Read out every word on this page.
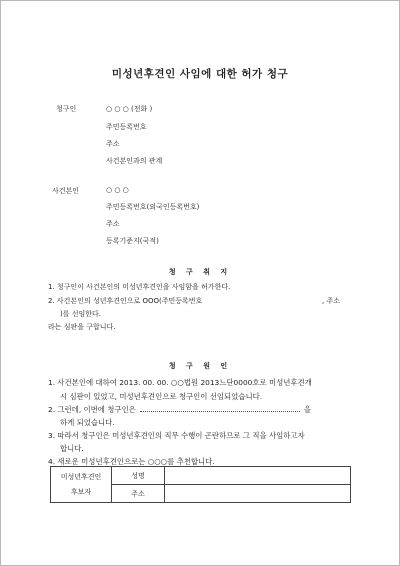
미성년후견인 사임에 대한 허가 청구
청구인	○ ○ ○ (전화 )
주민등록번호
주소
사건본인과의 관계
사건본인	○ ○ ○
주민등록번호(외국인등록번호)
주소
등록기준지(국적)
청 구 취 지
1. 청구인이 사건본인의 미성년후견인을 사임함을 허가한다.
2. 사건본인의 성년후견인으로 OOO(주민등록번호	, 주소
)를 선임한다.
라는 심판을 구합니다.
청 구 원 인
1. 사건본인에 대하여 2013. 00. 00. ○○법원 2013느단0000호로 미성년후견개
시 심판이 있었고, 미성년후견인으로 청구인이 선임되었습니다.
2. 그런데, 이번에 청구인은	을
하게 되었습니다.
3. 따라서 청구인은 미성년후견인의 직무 수행이 곤란하므로 그 직을 사임하고자
합니다.
4. 새로운 미성년후견인으로는 ○○○를 추천합니다.
미성년후견인 후보자	성명	
	주소	
